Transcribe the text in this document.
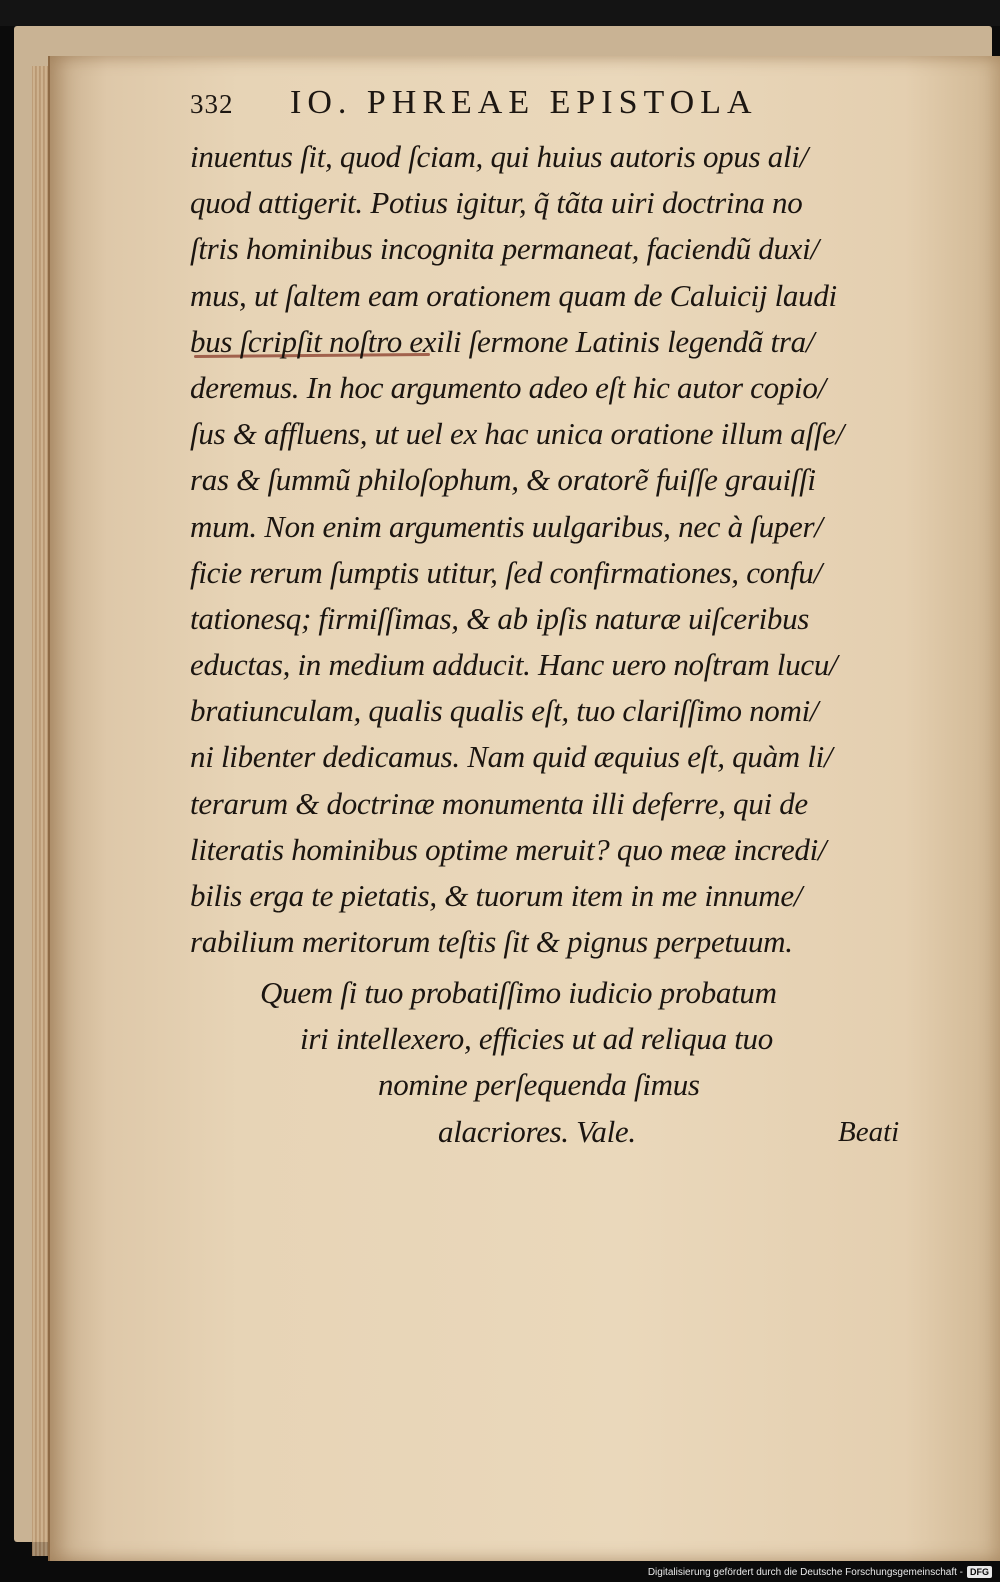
332	IO. PHREAE EPISTOLA
inuentus ſit, quod ſciam, qui huius autoris opus ali/
quod attigerit. Potius igitur, q̃ tãta uiri doctrina no
ſtris hominibus incognita permaneat, faciendũ duxi/
mus, ut ſaltem eam orationem quam de Caluicij laudi
bus ſcripſit noſtro exili ſermone Latinis legendã tra/
deremus. In hoc argumento adeo eſt hic autor copio/
ſus & affluens, ut uel ex hac unica oratione illum aſſe/
ras & ſummũ philoſophum, & oratorẽ fuiſſe grauiſſi
mum. Non enim argumentis uulgaribus, nec à ſuper/
ficie rerum ſumptis utitur, ſed confirmationes, confu/
tationesq; firmiſſimas, & ab ipſis naturæ uiſceribus
eductas, in medium adducit. Hanc uero noſtram lucu/
bratiunculam, qualis qualis eſt, tuo clariſſimo nomi/
ni libenter dedicamus. Nam quid æquius eſt, quàm li/
terarum & doctrinæ monumenta illi deferre, qui de
literatis hominibus optime meruit? quo meæ incredi/
bilis erga te pietatis, & tuorum item in me innume/
rabilium meritorum teſtis ſit & pignus perpetuum.
Quem ſi tuo probatiſſimo iudicio probatum
iri intellexero, efficies ut ad reliqua tuo
nomine perſequenda ſimus
alacriores. Vale.	Beati
Digitalisierung gefördert durch die Deutsche Forschungsgemeinschaft - DFG
